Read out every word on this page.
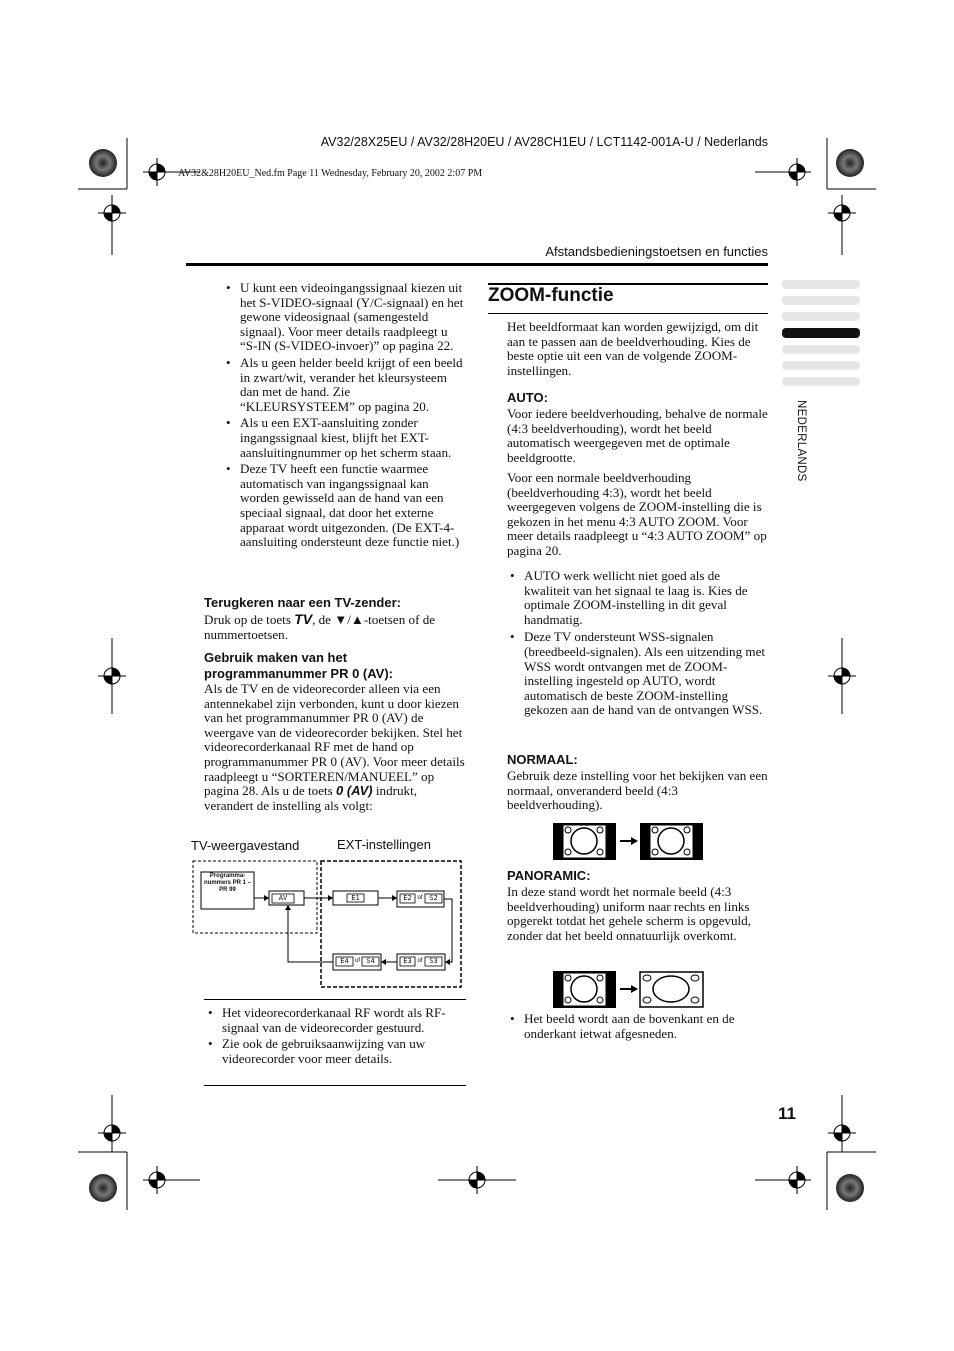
AV32/28X25EU / AV32/28H20EU / AV28CH1EU / LCT1142-001A-U / Nederlands
AV32&28H20EU_Ned.fm Page 11 Wednesday, February 20, 2002 2:07 PM
Afstandsbedieningstoetsen en functies
NEDERLANDS
• U kunt een videoingangssignaal kiezen uit het S-VIDEO-signaal (Y/C-signaal) en het gewone videosignaal (samengesteld signaal). Voor meer details raadpleegt u “S-IN (S-VIDEO-invoer)” op pagina 22.
• Als u geen helder beeld krijgt of een beeld in zwart/wit, verander het kleursysteem dan met de hand. Zie “KLEURSYSTEEM” op pagina 20.
• Als u een EXT-aansluiting zonder ingangssignaal kiest, blijft het EXT-aansluitingnummer op het scherm staan.
• Deze TV heeft een functie waarmee automatisch van ingangssignaal kan worden gewisseld aan de hand van een speciaal signaal, dat door het externe apparaat wordt uitgezonden. (De EXT-4-aansluiting ondersteunt deze functie niet.)
Terugkeren naar een TV-zender:

Druk op de toets TV, de ▼/▲-toetsen of de nummertoetsen.

Gebruik maken van het
programmanummer PR 0 (AV):

Als de TV en de videorecorder alleen via een antennekabel zijn verbonden, kunt u door kiezen van het programmanummer PR 0 (AV) de weergave van de videorecorder bekijken. Stel het videorecorderkanaal RF met de hand op programmanummer PR 0 (AV). Voor meer details raadpleegt u “SORTEREN/MANUEEL” op pagina 28. Als u de toets 0 (AV) indrukt, verandert de instelling als volgt:

TV-weergavestand	EXT-instellingen
Programma-nummers PR 1 – PR 99
AV	E1	E2 of S2
E4	of S4	E3 of S3
• Het videorecorderkanaal RF wordt als RF-signaal van de videorecorder gestuurd.
• Zie ook de gebruiksaanwijzing van uw videorecorder voor meer details.
ZOOM-functie

Het beeldformaat kan worden gewijzigd, om dit aan te passen aan de beeldverhouding. Kies de beste optie uit een van de volgende ZOOM-instellingen.

AUTO:

Voor iedere beeldverhouding, behalve de normale (4:3 beeldverhouding), wordt het beeld automatisch weergegeven met de optimale beeldgrootte.

Voor een normale beeldverhouding (beeldverhouding 4:3), wordt het beeld weergegeven volgens de ZOOM-instelling die is gekozen in het menu 4:3 AUTO ZOOM. Voor meer details raadpleegt u “4:3 AUTO ZOOM” op pagina 20.

• AUTO werk wellicht niet goed als de kwaliteit van het signaal te laag is. Kies de optimale ZOOM-instelling in dit geval handmatig.
• Deze TV ondersteunt WSS-signalen (breedbeeld-signalen). Als een uitzending met WSS wordt ontvangen met de ZOOM-instelling ingesteld op AUTO, wordt automatisch de beste ZOOM-instelling gekozen aan de hand van de ontvangen WSS.
NORMAAL:

Gebruik deze instelling voor het bekijken van een normaal, onveranderd beeld (4:3 beeldverhouding).

PANORAMIC:

In deze stand wordt het normale beeld (4:3 beeldverhouding) uniform naar rechts en links opgerekt totdat het gehele scherm is opgevuld, zonder dat het beeld onnatuurlijk overkomt.

• Het beeld wordt aan de bovenkant en de onderkant ietwat afgesneden.
11
